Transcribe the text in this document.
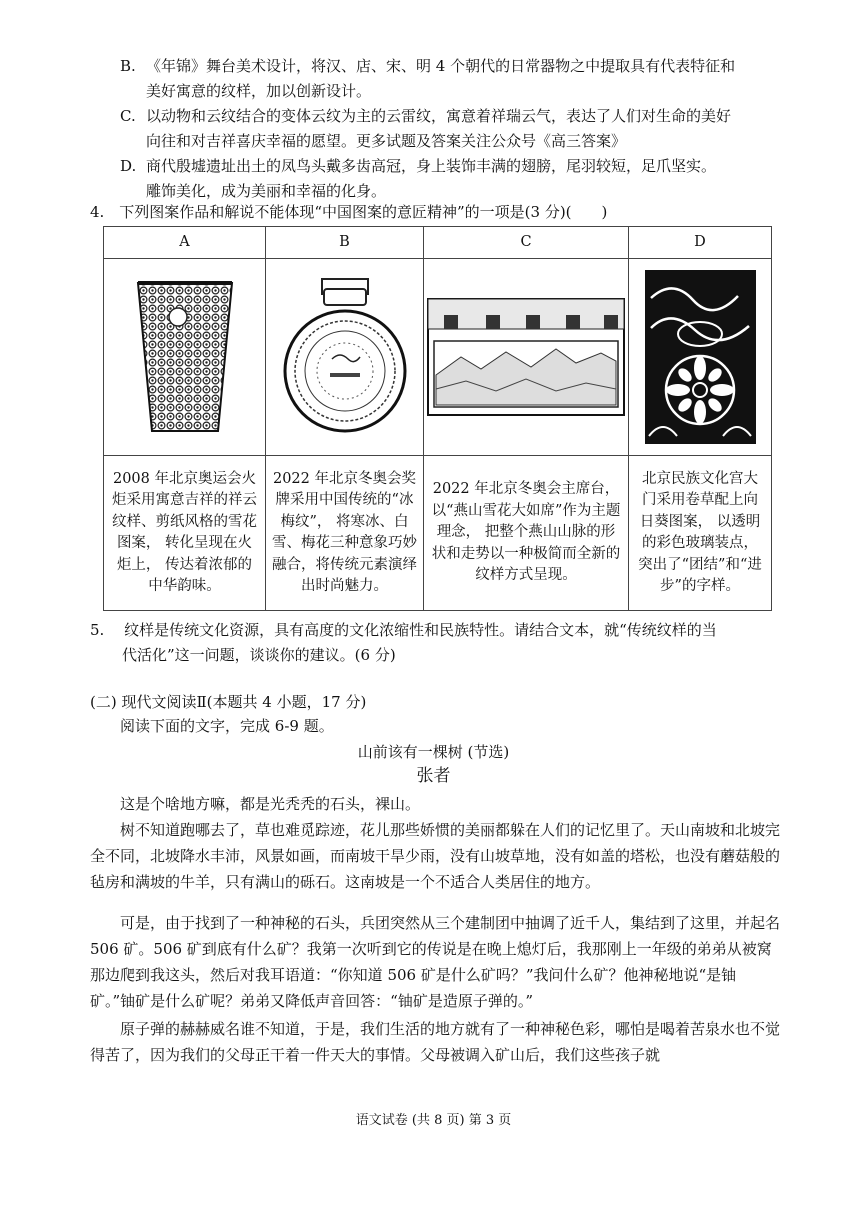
B. 《年锦》舞台美术设计，将汉、店、宋、明 4 个朝代的日常器物之中提取具有代表特征和
美好寓意的纹样，加以创新设计。
C. 以动物和云纹结合的变体云纹为主的云雷纹，寓意着祥瑞云气，表达了人们对生命的美好
向往和对吉祥喜庆幸福的愿望。更多试题及答案关注公众号《高三答案》
D. 商代殷墟遗址出土的凤鸟头戴多齿高冠，身上装饰丰满的翅膀，尾羽较短，足爪坚实。
雕饰美化，成为美丽和幸福的化身。
4.　下列图案作品和解说不能体现“中国图案的意匠精神”的一项是(3 分)(　　)
A	B	C	D

2008 年北京奥运会火炬采用寓意吉祥的祥云纹样、剪纸风格的雪花图案， 转化呈现在火炬上， 传达着浓郁的中华韵味。	2022 年北京冬奥会奖牌采用中国传统的“冰梅纹”， 将寒冰、白雪、梅花三种意象巧妙融合，将传统元素演绎出时尚魅力。	2022 年北京冬奥会主席台，以“燕山雪花大如席”作为主题理念， 把整个燕山山脉的形状和走势以一种极简而全新的纹样方式呈现。	北京民族文化宫大门采用卷草配上向日葵图案， 以透明的彩色玻璃装点，突出了“团结”和“进步”的字样。
5.　 纹样是传统文化资源，具有高度的文化浓缩性和民族特性。请结合文本，就“传统纹样的当
代活化”这一问题，谈谈你的建议。(6 分)
(二) 现代文阅读Ⅱ(本题共 4 小题，17 分)
阅读下面的文字，完成 6-9 题。
山前该有一棵树 (节选)
张者
这是个啥地方嘛，都是光秃秃的石头，裸山。
树不知道跑哪去了，草也难觅踪迹，花儿那些娇惯的美丽都躲在人们的记忆里了。天山南坡和北坡完全不同，北坡降水丰沛，风景如画，而南坡干旱少雨，没有山坡草地，没有如盖的塔松，也没有蘑菇般的毡房和满坡的牛羊，只有满山的砾石。这南坡是一个不适合人类居住的地方。
可是，由于找到了一种神秘的石头，兵团突然从三个建制团中抽调了近千人，集结到了这里，并起名 506 矿。506 矿到底有什么矿？我第一次听到它的传说是在晚上熄灯后，我那刚上一年级的弟弟从被窝那边爬到我这头，然后对我耳语道：“你知道 506 矿是什么矿吗？”我问什么矿？他神秘地说“是铀矿。”铀矿是什么矿呢？弟弟又降低声音回答：“铀矿是造原子弹的。”
原子弹的赫赫威名谁不知道，于是，我们生活的地方就有了一种神秘色彩，哪怕是喝着苦泉水也不觉得苦了，因为我们的父母正干着一件天大的事情。父母被调入矿山后，我们这些孩子就
语文试卷 (共 8 页) 第 3 页
